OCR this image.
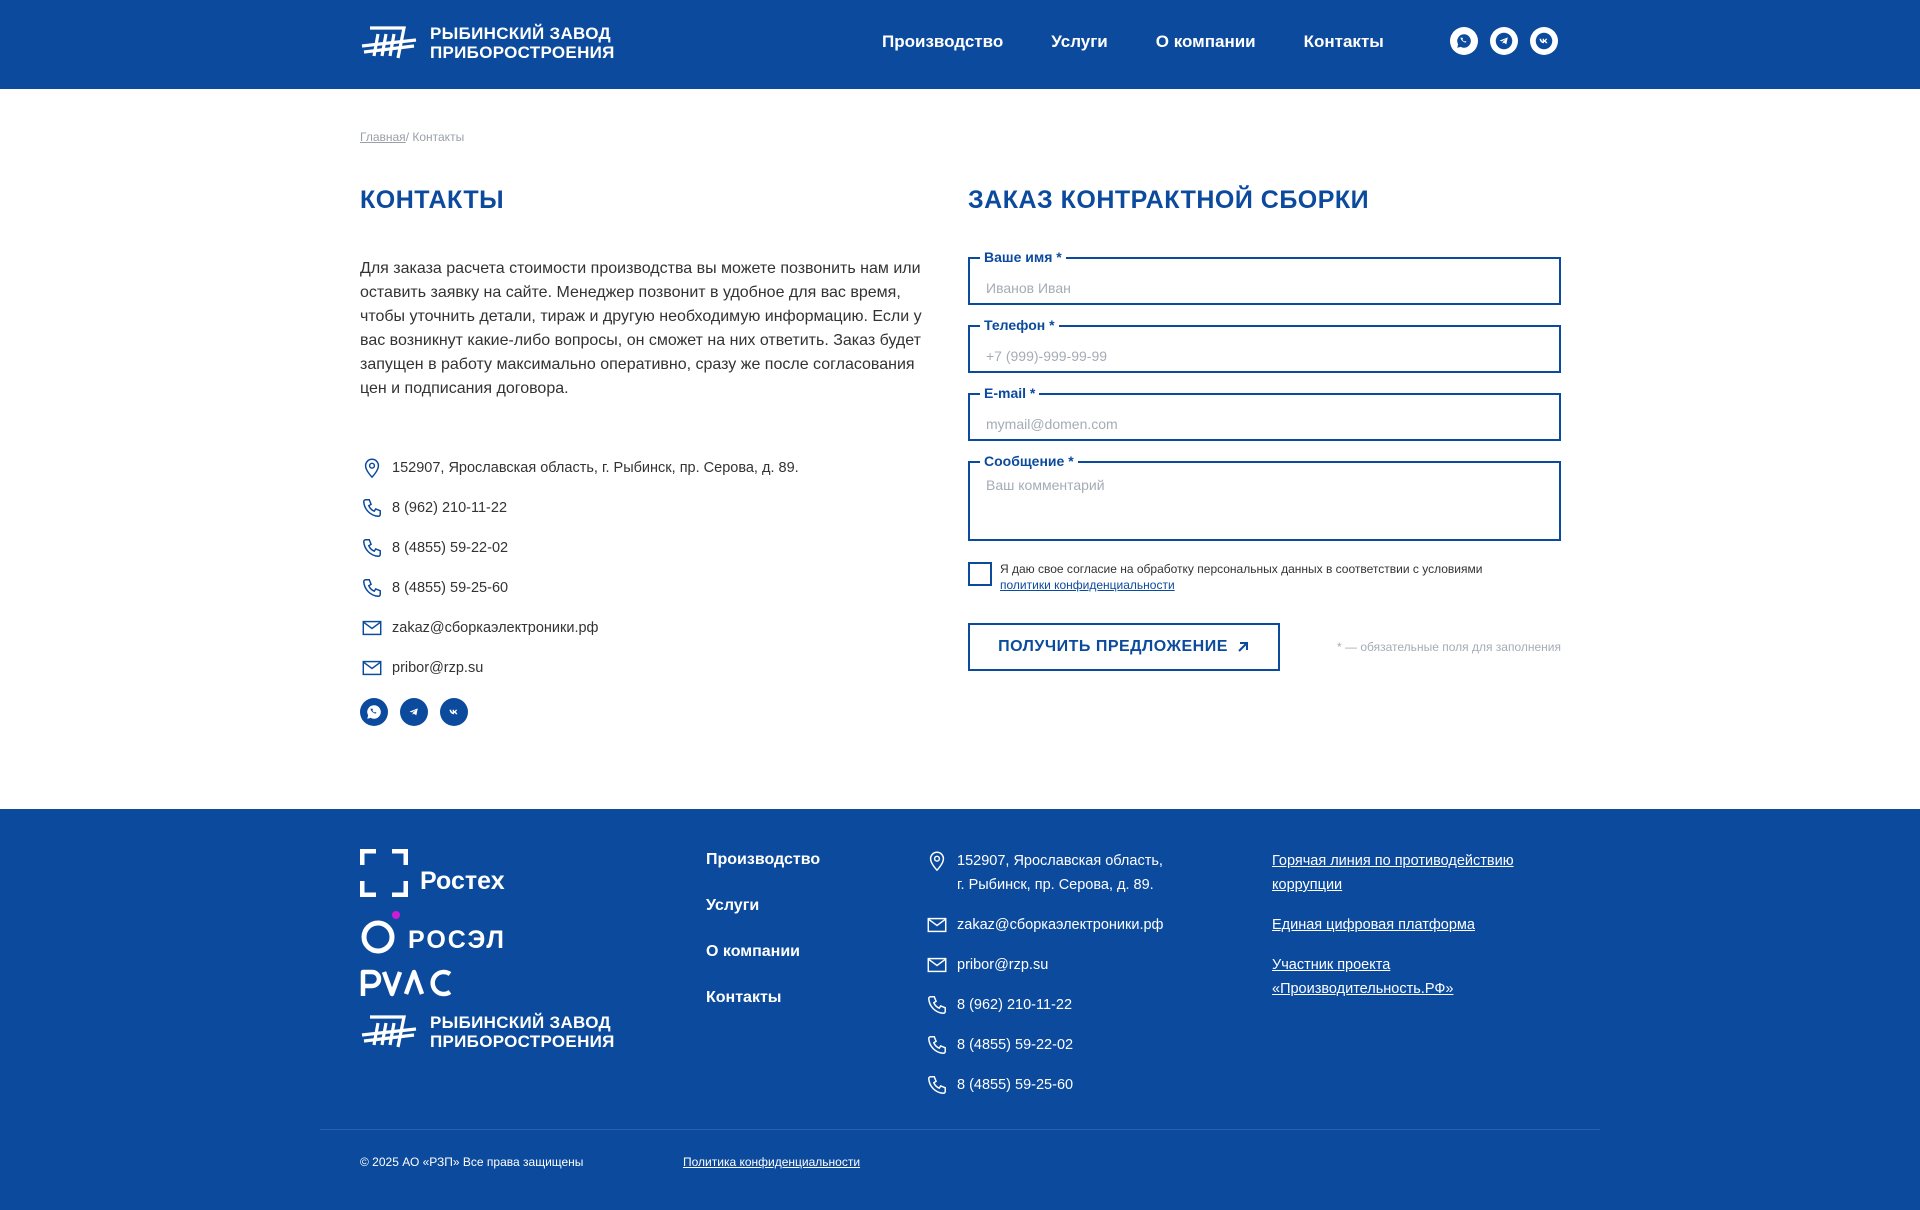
РЫБИНСКИЙ ЗАВОД
ПРИБОРОСТРОЕНИЯ
Производство	Услуги	О компании	Контакты
Главная/ Контакты
КОНТАКТЫ
Для заказа расчета стоимости производства вы можете позвонить нам или оставить заявку на сайте. Менеджер позвонит в удобное для вас время, чтобы уточнить детали, тираж и другую необходимую информацию. Если у вас возникнут какие-либо вопросы, он сможет на них ответить. Заказ будет запущен в работу максимально оперативно, сразу же после согласования цен и подписания договора.
152907, Ярославская область, г. Рыбинск, пр. Серова, д. 89.
8 (962) 210-11-22
8 (4855) 59-22-02
8 (4855) 59-25-60
zakaz@сборкаэлектроники.рф
pribor@rzp.su
ЗАКАЗ КОНТРАКТНОЙ СБОРКИ
Ваше имя *
Иванов Иван
Телефон *
+7 (999)-999-99-99
E-mail *
mymail@domen.com
Сообщение *
Ваш комментарий
Я даю свое согласие на обработку персональных данных в соответствии с условиями
политики конфиденциальности
ПОЛУЧИТЬ ПРЕДЛОЖЕНИЕ	* — обязательные поля для заполнения
Ростех
РОСЭЛ
РЫБИНСКИЙ ЗАВОД
ПРИБОРОСТРОЕНИЯ
Производство
Услуги
О компании
Контакты
152907, Ярославская область,
г. Рыбинск, пр. Серова, д. 89.
zakaz@сборкаэлектроники.рф
pribor@rzp.su
8 (962) 210-11-22
8 (4855) 59-22-02
8 (4855) 59-25-60
Горячая линия по противодействию коррупции
Единая цифровая платформа
Участник проекта «Производительность.РФ»
© 2025 АО «РЗП» Все права защищены	Политика конфиденциальности
